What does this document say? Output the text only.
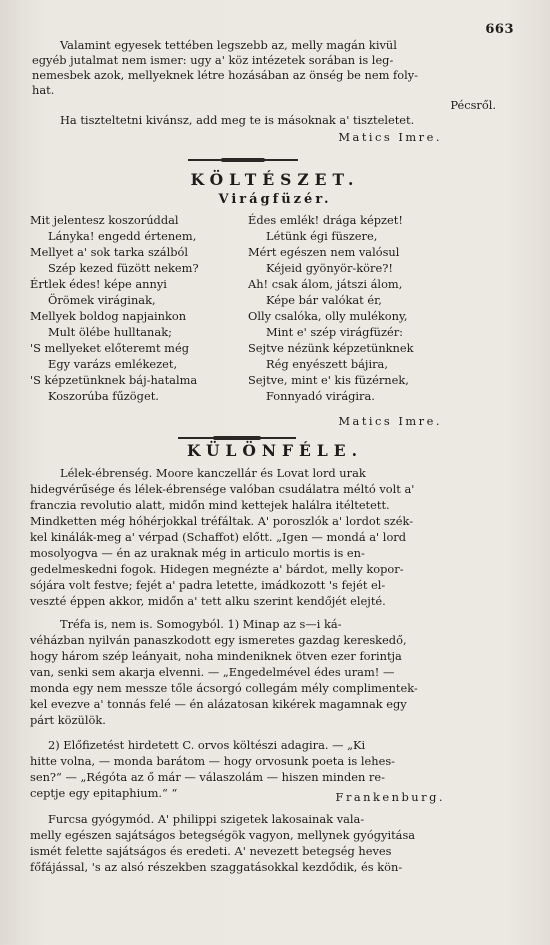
663
Valamint egyesek tettében legszebb az, melly magán kivül
egyéb jutalmat nem ismer: ugy a' köz intézetek sorában is leg-
nemesbek azok, mellyeknek létre hozásában az önség be nem foly-
hat.
Pécsről.
Ha tiszteltetni kivánsz, add meg te is másoknak a' tiszteletet.
Matics Imre.
KÖLTÉSZET.
Virágfüzér.
Mit jelentesz koszorúddal
Lányka! engedd értenem,
Mellyet a' sok tarka szálból
Szép kezed füzött nekem?
Értlek édes! képe annyi
Örömek viráginak,
Mellyek boldog napjainkon
Mult ölébe hulltanak;
'S mellyeket előteremt még
Egy varázs emlékezet,
'S képzetünknek báj-hatalma
Koszorúba fűzöget.
Édes emlék! drága képzet!
Létünk égi füszere,
Mért egészen nem valósul
Kéjeid gyönyör-köre?!
Ah! csak álom, játszi álom,
Képe bár valókat ér,
Olly csalóka, olly mulékony,
Mint e' szép virágfüzér:
Sejtve nézünk képzetünknek
Rég enyészett bájira,
Sejtve, mint e' kis füzérnek,
Fonnyadó virágira.
Matics Imre.
KÜLÖNFÉLE.
Lélek-ébrenség. Moore kanczellár és Lovat lord urak
hidegvérűsége és lélek-ébrensége valóban csudálatra méltó volt a'
franczia revolutio alatt, midőn mind kettejek halálra itéltetett.
Mindketten még hóhérjokkal tréfáltak. A' poroszlók a' lordot szék-
kel kinálák-meg a' vérpad (Schaffot) előtt. „Igen — mondá a' lord
mosolyogva — én az uraknak még in articulo mortis is en-
gedelmeskedni fogok. Hidegen megnézte a' bárdot, melly kopor-
sójára volt festve; fejét a' padra letette, imádkozott 's fejét el-
veszté éppen akkor, midőn a' tett alku szerint kendőjét elejté.
Tréfa is, nem is. Somogyból. 1) Minap az s—i ká-
véházban nyilván panaszkodott egy ismeretes gazdag kereskedő,
hogy három szép leányait, noha mindeniknek ötven ezer forintja
van, senki sem akarja elvenni. — „Engedelmével édes uram! —
monda egy nem messze tőle ácsorgó collegám mély complimentek-
kel evezve a' tonnás felé — én alázatosan kikérek magamnak egy
párt közülök.
2) Előfizetést hirdetett C. orvos költészi adagira. — „Ki
hitte volna, — monda barátom — hogy orvosunk poeta is lehes-
sen?“ — „Régóta az ő már — válaszolám — hiszen minden re-
ceptje egy epitaphium.“ “	Frankenburg.
Furcsa gyógymód. A' philippi szigetek lakosainak vala-
melly egészen sajátságos betegségök vagyon, mellynek gyógyitása
ismét felette sajátságos és eredeti. A' nevezett betegség heves
főfájással, 's az alsó részekben szaggatásokkal kezdődik, és kön-
